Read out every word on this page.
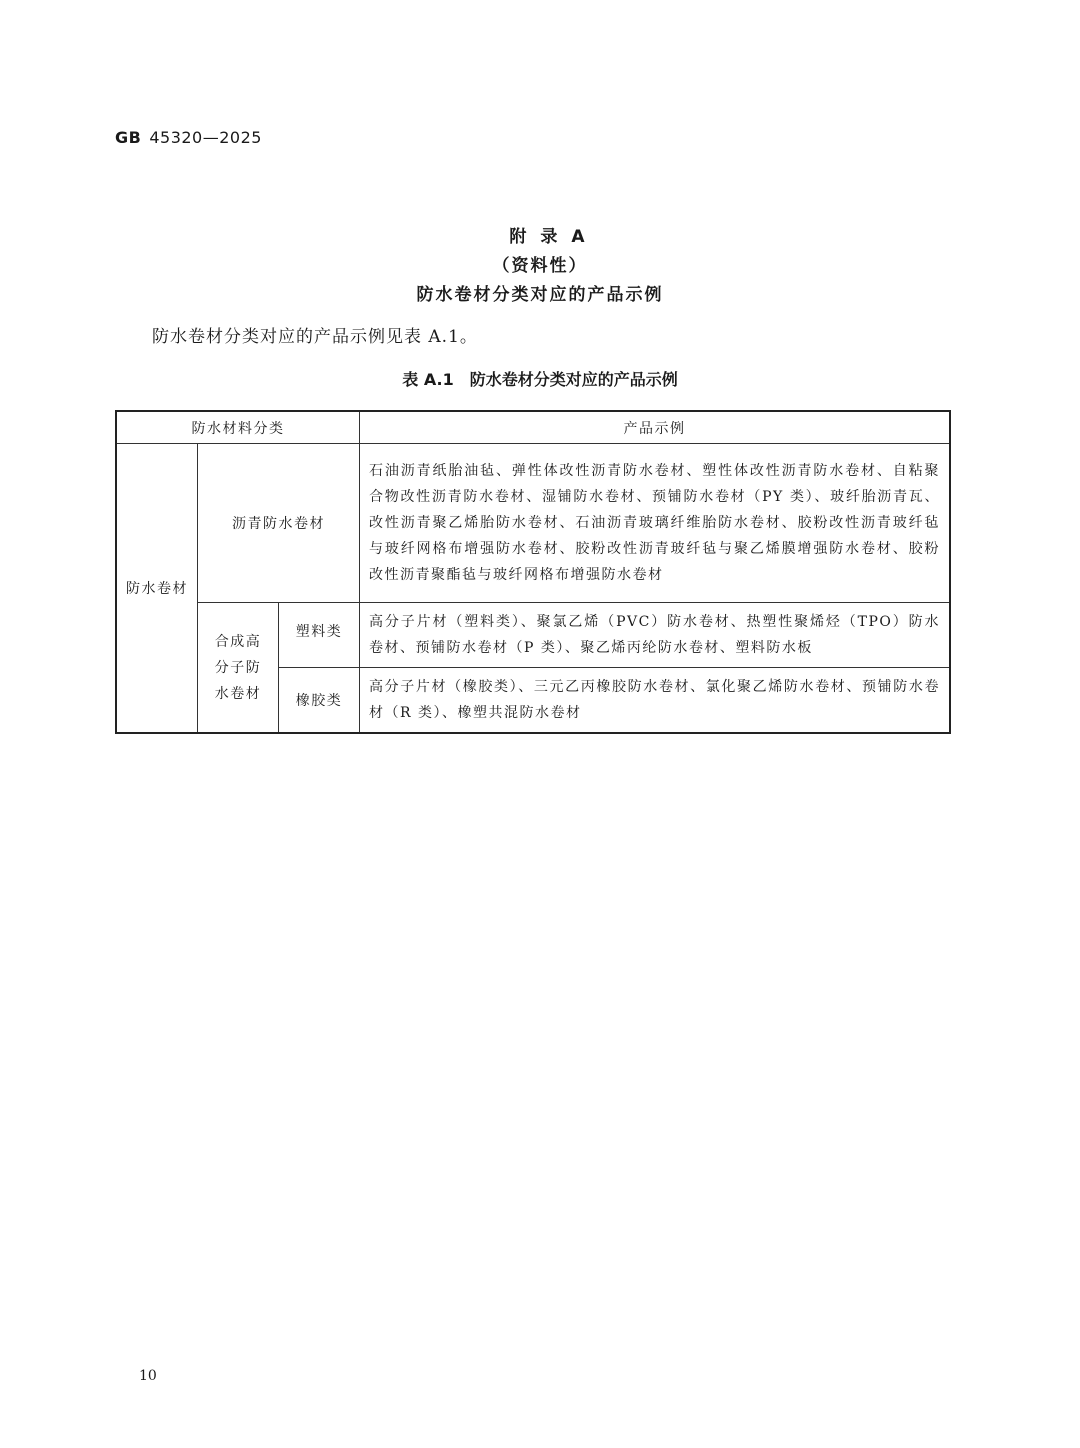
GB 45320—2025
附录A
（资料性）
防水卷材分类对应的产品示例
防水卷材分类对应的产品示例见表 A.1。
表 A.1 防水卷材分类对应的产品示例
防水材料分类			产品示例
防水卷材	沥青防水卷材		石油沥青纸胎油毡、弹性体改性沥青防水卷材、塑性体改性沥青防水卷材、自粘聚合物改性沥青防水卷材、湿铺防水卷材、预铺防水卷材（PY 类）、玻纤胎沥青瓦、改性沥青聚乙烯胎防水卷材、石油沥青玻璃纤维胎防水卷材、胶粉改性沥青玻纤毡与玻纤网格布增强防水卷材、胶粉改性沥青玻纤毡与聚乙烯膜增强防水卷材、胶粉改性沥青聚酯毡与玻纤网格布增强防水卷材

	合成高
分子防
水卷材	塑料类	高分子片材（塑料类）、聚氯乙烯（PVC）防水卷材、热塑性聚烯烃（TPO）防水卷材、预铺防水卷材（P 类）、聚乙烯丙纶防水卷材、塑料防水板
		橡胶类	高分子片材（橡胶类）、三元乙丙橡胶防水卷材、氯化聚乙烯防水卷材、预铺防水卷材（R 类）、橡塑共混防水卷材
10
